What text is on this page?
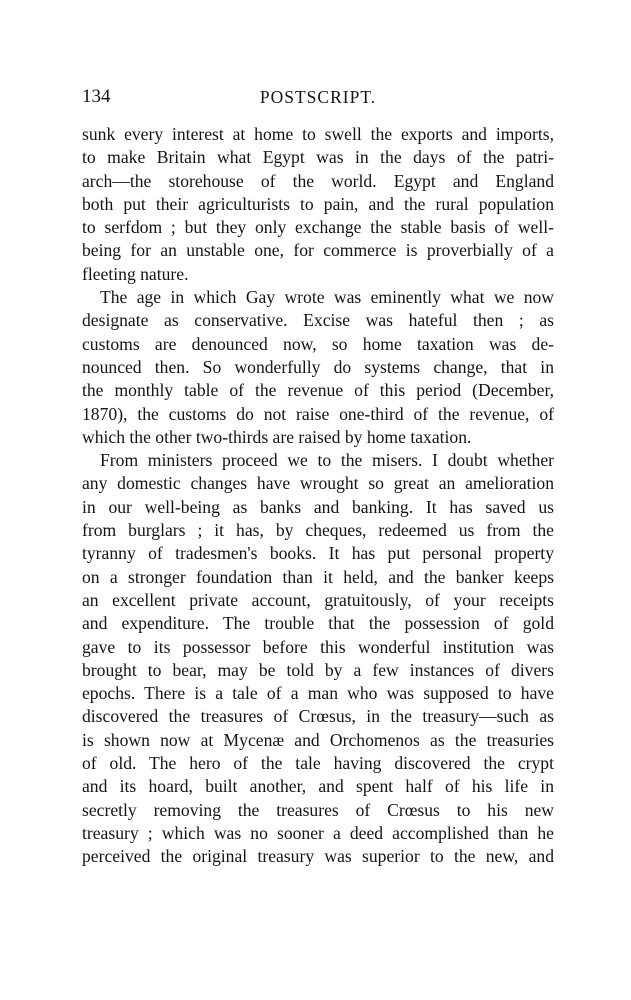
134	POSTSCRIPT.
sunk every interest at home to swell the exports and imports,
to make Britain what Egypt was in the days of the patri-
arch—the storehouse of the world. Egypt and England
both put their agriculturists to pain, and the rural population
to serfdom ; but they only exchange the stable basis of well-
being for an unstable one, for commerce is proverbially of a
fleeting nature.
The age in which Gay wrote was eminently what we now
designate as conservative. Excise was hateful then ; as
customs are denounced now, so home taxation was de-
nounced then. So wonderfully do systems change, that in
the monthly table of the revenue of this period (December,
1870), the customs do not raise one-third of the revenue, of
which the other two-thirds are raised by home taxation.
From ministers proceed we to the misers. I doubt whether
any domestic changes have wrought so great an amelioration
in our well-being as banks and banking. It has saved us
from burglars ; it has, by cheques, redeemed us from the
tyranny of tradesmen's books. It has put personal property
on a stronger foundation than it held, and the banker keeps
an excellent private account, gratuitously, of your receipts
and expenditure. The trouble that the possession of gold
gave to its possessor before this wonderful institution was
brought to bear, may be told by a few instances of divers
epochs. There is a tale of a man who was supposed to have
discovered the treasures of Crœsus, in the treasury—such as
is shown now at Mycenæ and Orchomenos as the treasuries
of old. The hero of the tale having discovered the crypt
and its hoard, built another, and spent half of his life in
secretly removing the treasures of Crœsus to his new
treasury ; which was no sooner a deed accomplished than he
perceived the original treasury was superior to the new, and
